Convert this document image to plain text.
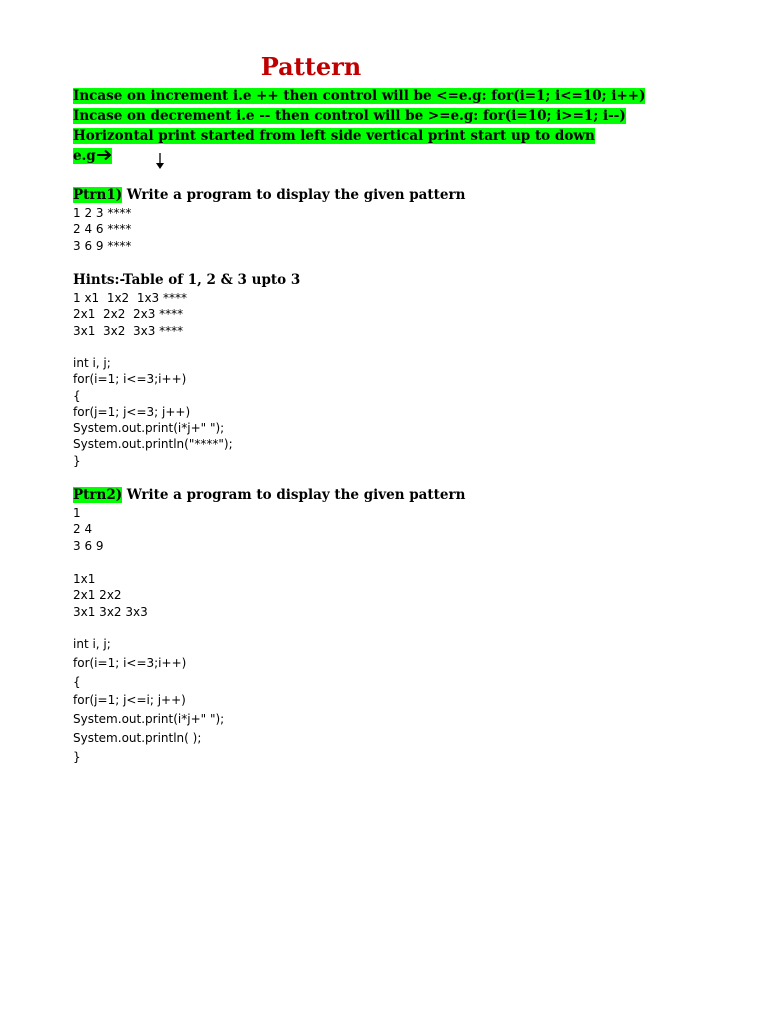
Pattern
Incase on increment i.e ++ then control will be <=e.g: for(i=1; i<=10; i++)
Incase on decrement i.e -- then control will be >=e.g: for(i=10; i>=1; i--)
Horizontal print started from left side vertical print start up to down
e.g
Ptrn1) Write a program to display the given pattern
1 2 3 ****
2 4 6 ****
3 6 9 ****
Hints:-Table of 1, 2 & 3 upto 3
1 x1  1x2  1x3 ****
2x1  2x2  2x3 ****
3x1  3x2  3x3 ****
int i, j;
for(i=1; i<=3;i++)
{
for(j=1; j<=3; j++)
System.out.print(i*j+" ");
System.out.println("****");
}
Ptrn2) Write a program to display the given pattern
1
2 4
3 6 9
1x1
2x1 2x2
3x1 3x2 3x3
int i, j;
for(i=1; i<=3;i++)
{
for(j=1; j<=i; j++)
System.out.print(i*j+" ");
System.out.println( );
}
